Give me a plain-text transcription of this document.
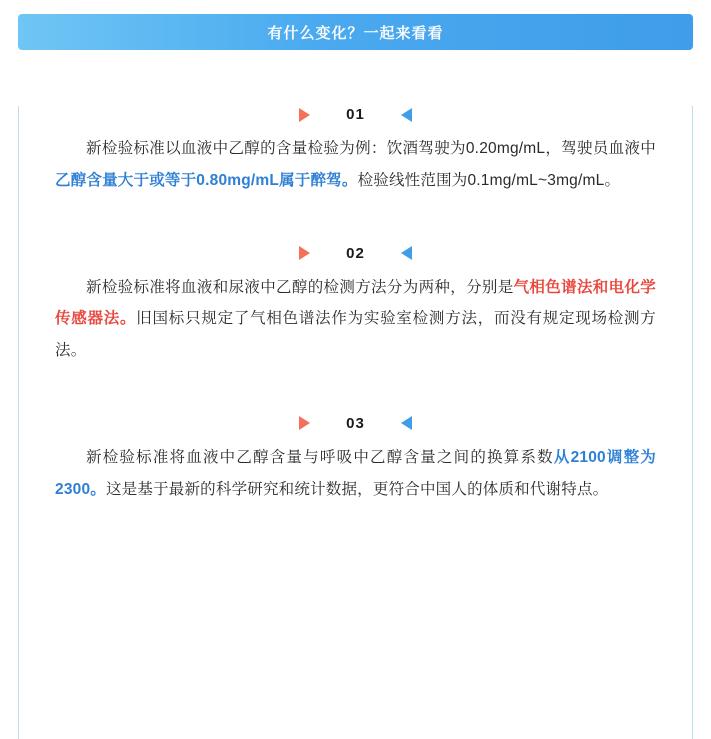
有什么变化？一起来看看
01

新检验标准以血液中乙醇的含量检验为例：饮酒驾驶为0.20mg/mL，驾驶员血液中乙醇含量大于或等于0.80mg/mL属于醉驾。检验线性范围为0.1mg/mL~3mg/mL。

02

新检验标准将血液和尿液中乙醇的检测方法分为两种，分别是气相色谱法和电化学传感器法。旧国标只规定了气相色谱法作为实验室检测方法，而没有规定现场检测方法。

03

新检验标准将血液中乙醇含量与呼吸中乙醇含量之间的换算系数从2100调整为2300。这是基于最新的科学研究和统计数据，更符合中国人的体质和代谢特点。
